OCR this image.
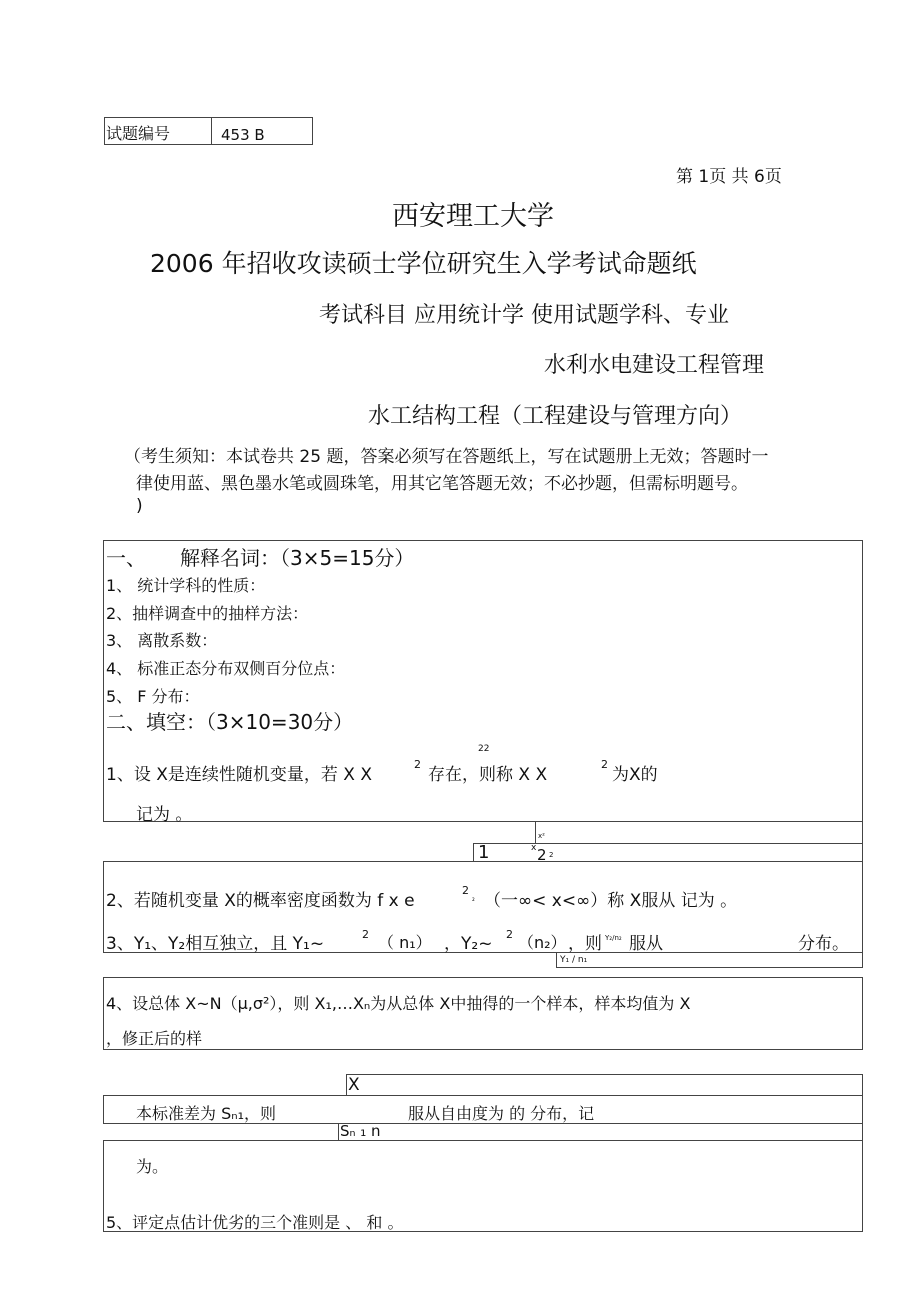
试题编号	453 B
第 1页 共 6页
西安理工大学
2006 年招收攻读硕士学位研究生入学考试命题纸
考试科目 应用统计学 使用试题学科、专业
水利水电建设工程管理
水工结构工程（工程建设与管理方向）
（考生须知：本试卷共 25 题，答案必须写在答题纸上，写在试题册上无效；答题时一
律使用蓝、黑色墨水笔或圆珠笔，用其它笔答题无效；不必抄题，但需标明题号。
)
一、 解释名词：（3×5=15分）
1、 统计学科的性质：
2、抽样调查中的抽样方法：
3、 离散系数：
4、 标准正态分布双侧百分位点：
5、 F 分布：
二、填空：（3×10=30分）
22
1、设 X是连续性随机变量，若 X X
2
存在，则称 X X
2
为X的
记为 。
x²
1	x 2 2
2、若随机变量 X的概率密度函数为 f x e
2
₂ （一∞< x<∞）称 X服从 记为 。
3、Y₁、Y₂相互独立，且 Y₁~	2 （ n₁） ，Y₂~ 2 （n₂） ，则 Y₂/n₂ 服从	分布。
Y₁ / n₁
4、设总体 X~N（μ,σ²），则 X₁,…Xₙ为从总体 X中抽得的一个样本，样本均值为 X
，修正后的样
X
本标准差为 Sₙ₁，则	服从自由度为 的 分布，记
Sₙ ₁ n
为。
5、评定点估计优劣的三个准则是 、 和 。
